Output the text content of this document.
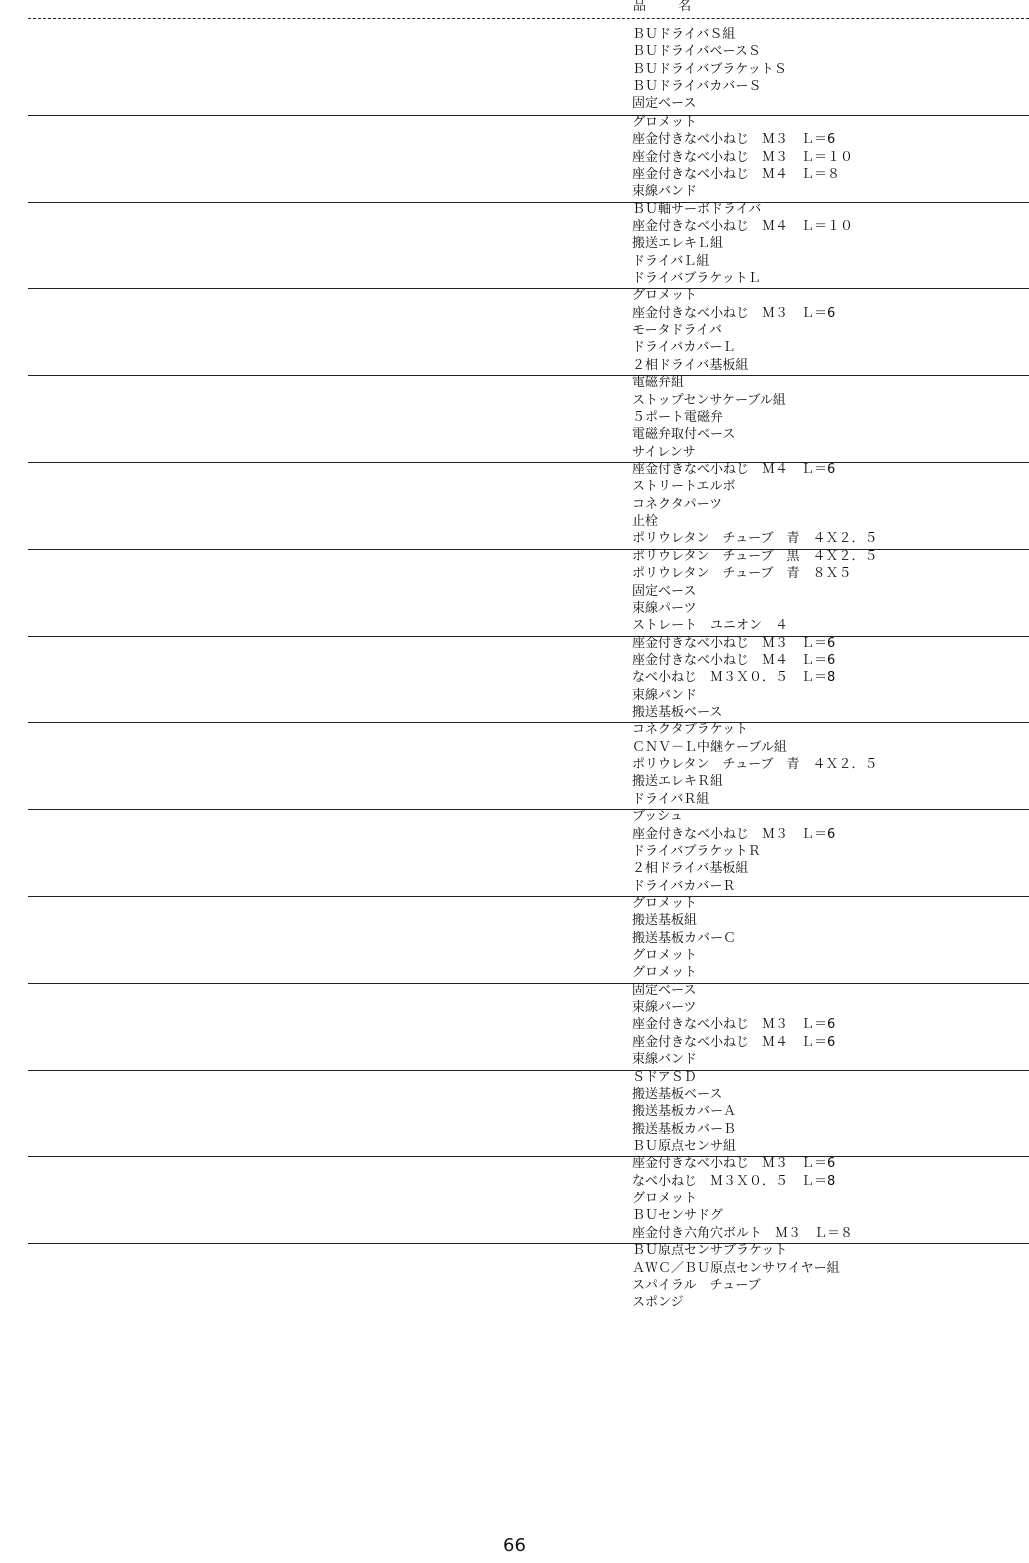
品 名
ＢＵドライバＳ組
ＢＵドライバベースＳ
ＢＵドライバブラケットＳ
ＢＵドライバカバーＳ
固定ベース
グロメット
座金付きなべ小ねじ　Ｍ３　Ｌ＝6
座金付きなべ小ねじ　Ｍ３　Ｌ＝１０
座金付きなべ小ねじ　Ｍ４　Ｌ＝８
束線バンド
ＢＵ軸サーボドライバ
座金付きなべ小ねじ　Ｍ４　Ｌ＝１０
搬送エレキＬ組
ドライバＬ組
ドライバブラケットＬ
グロメット
座金付きなべ小ねじ　Ｍ３　Ｌ＝6
モータドライバ
ドライバカバーＬ
２相ドライバ基板組
電磁弁組
ストップセンサケーブル組
５ポート電磁弁
電磁弁取付ベース
サイレンサ
座金付きなべ小ねじ　Ｍ４　Ｌ＝6
ストリートエルボ
コネクタパーツ
止栓
ポリウレタン　チューブ　青　４Ｘ２．５
ポリウレタン　チューブ　黒　４Ｘ２．５
ポリウレタン　チューブ　青　８Ｘ５
固定ベース
束線パーツ
ストレート　ユニオン　４
座金付きなべ小ねじ　Ｍ３　Ｌ＝6
座金付きなべ小ねじ　Ｍ４　Ｌ＝6
なべ小ねじ　Ｍ３Ｘ０．５　Ｌ＝8
束線バンド
搬送基板ベース
コネクタブラケット
ＣＮＶ－Ｌ中継ケーブル組
ポリウレタン　チューブ　青　４Ｘ２．５
搬送エレキＲ組
ドライバＲ組
ブッシュ
座金付きなべ小ねじ　Ｍ３　Ｌ＝6
ドライバブラケットＲ
２相ドライバ基板組
ドライバカバーＲ
グロメット
搬送基板組
搬送基板カバーＣ
グロメット
グロメット
固定ベース
束線パーツ
座金付きなべ小ねじ　Ｍ３　Ｌ＝6
座金付きなべ小ねじ　Ｍ４　Ｌ＝6
束線バンド
ＳドアＳＤ
搬送基板ベース
搬送基板カバーＡ
搬送基板カバーＢ
ＢＵ原点センサ組
座金付きなべ小ねじ　Ｍ３　Ｌ＝6
なべ小ねじ　Ｍ３Ｘ０．５　Ｌ＝8
グロメット
ＢＵセンサドグ
座金付き六角穴ボルト　Ｍ３　Ｌ＝８
ＢＵ原点センサブラケット
ＡＷＣ／ＢＵ原点センサワイヤー組
スパイラル　チューブ
スポンジ
66
